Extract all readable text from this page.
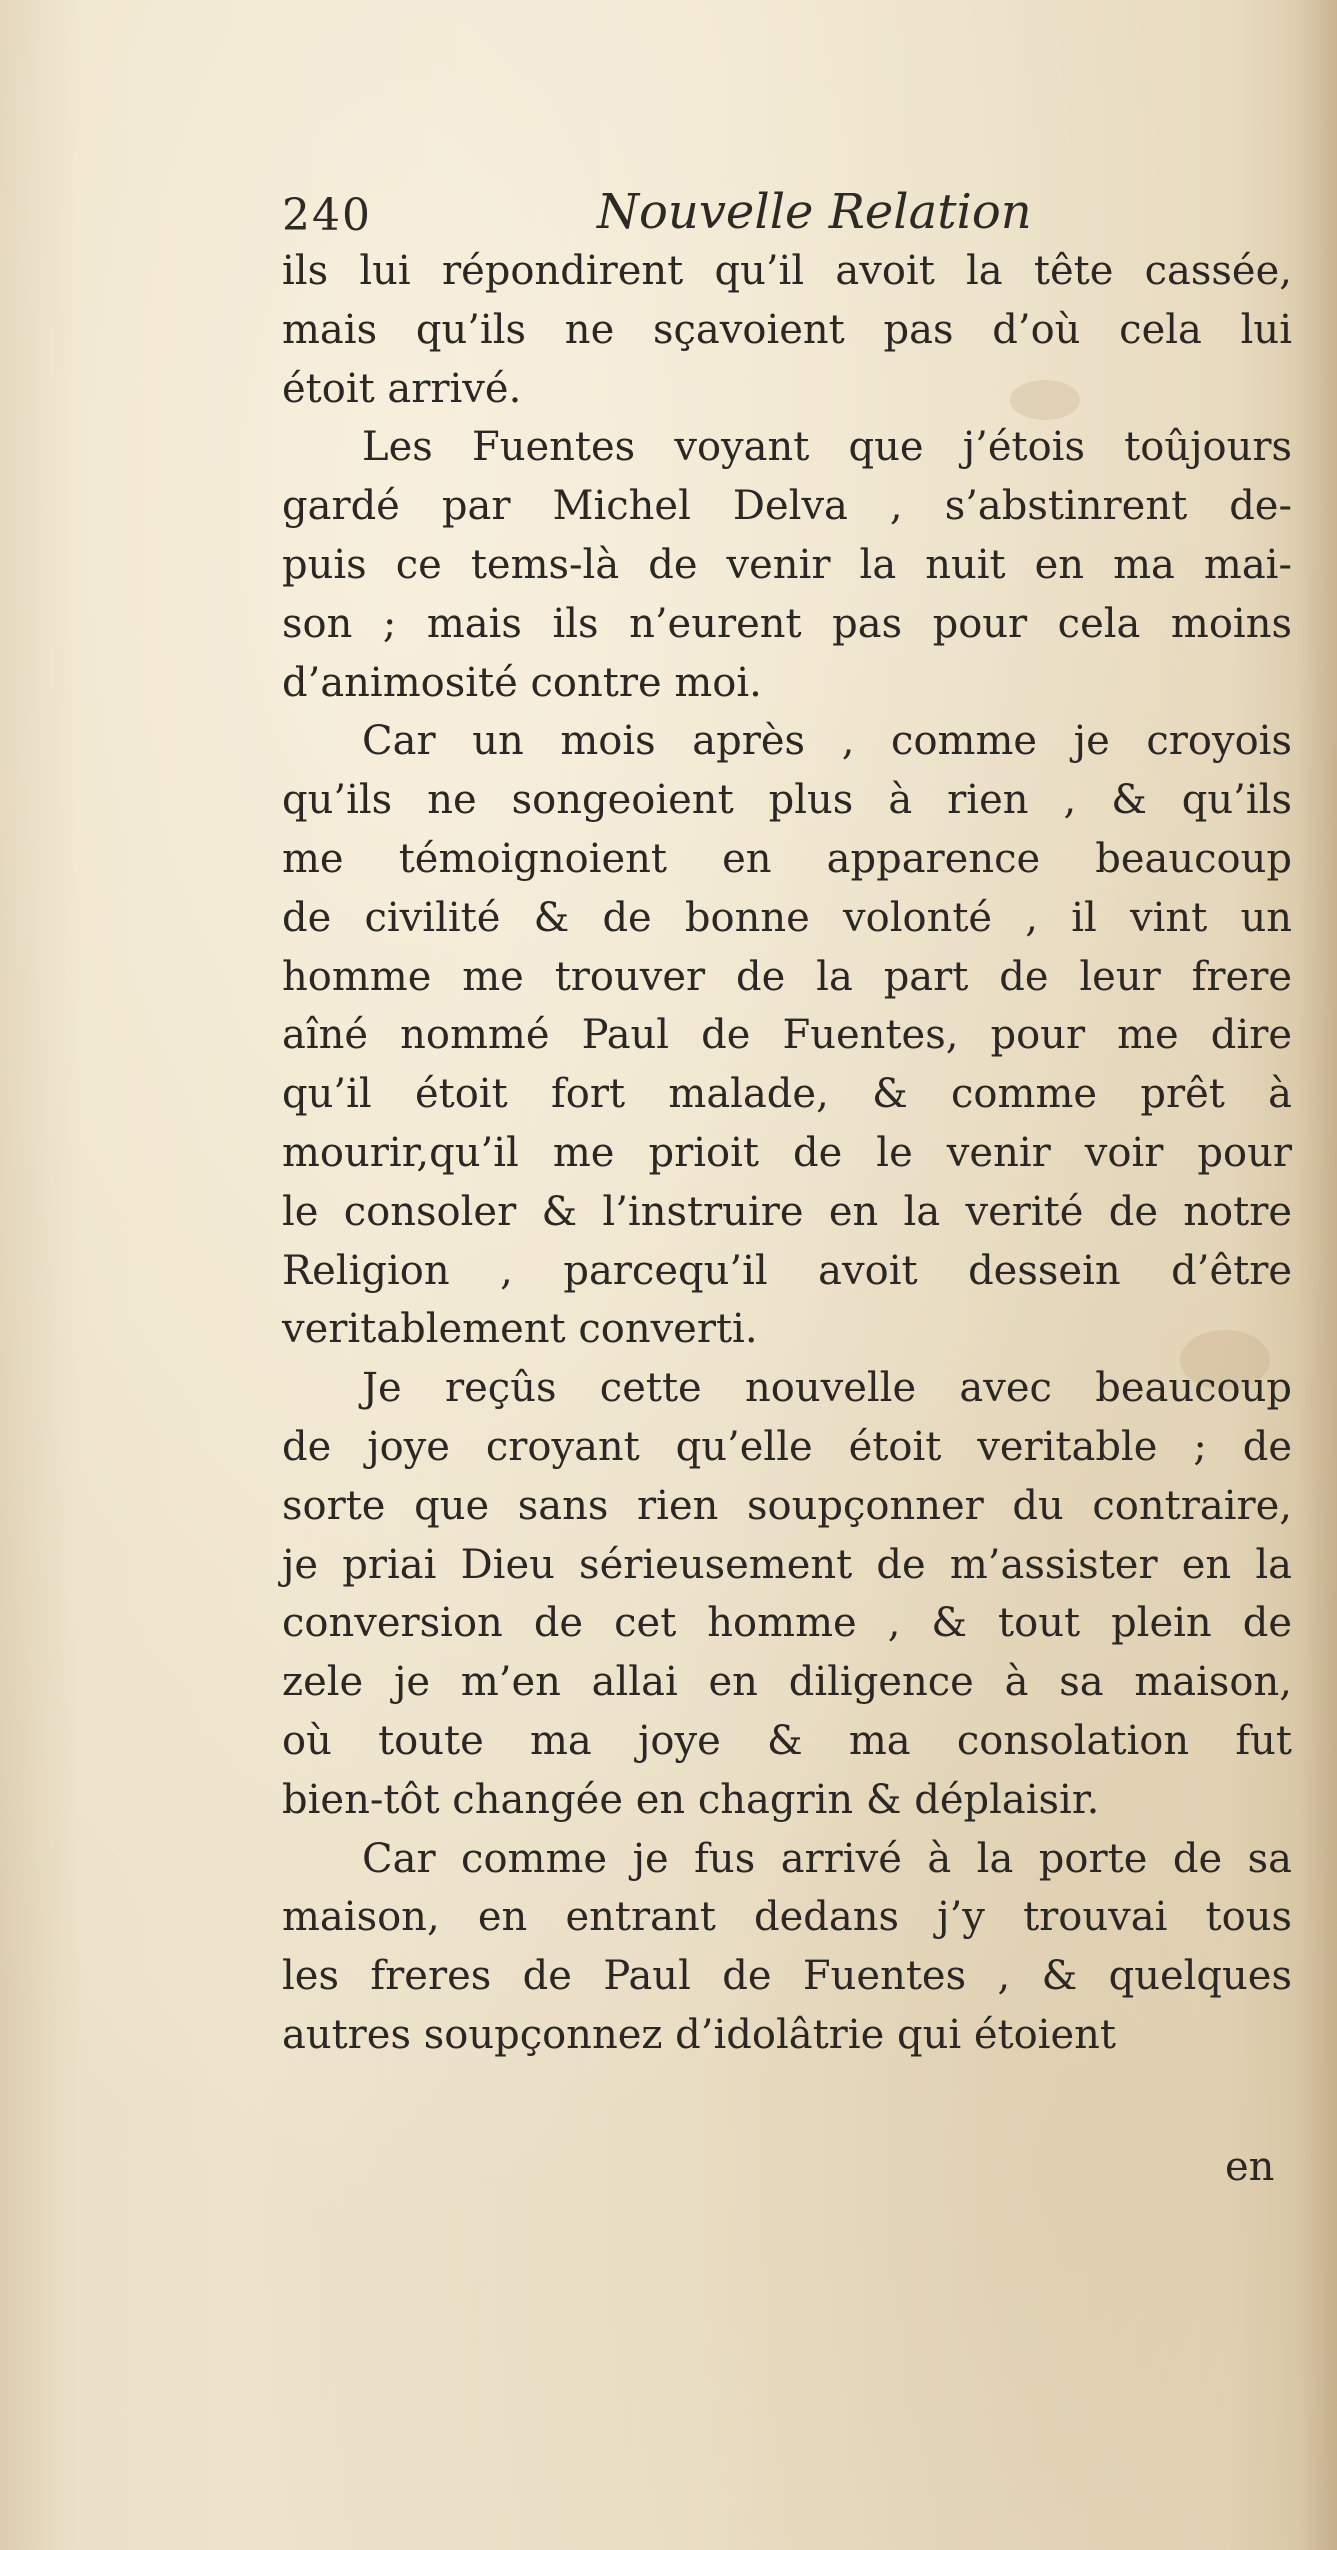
240	Nouvelle Relation
ils lui répondirent qu’il avoit la tête cassée,
mais qu’ils ne sçavoient pas d’où cela lui
étoit arrivé.
Les Fuentes voyant que j’étois toûjours
gardé par Michel Delva , s’abstinrent de-
puis ce tems-là de venir la nuit en ma mai-
son ; mais ils n’eurent pas pour cela moins
d’animosité contre moi.
Car un mois après , comme je croyois
qu’ils ne songeoient plus à rien , & qu’ils
me témoignoient en apparence beaucoup
de civilité & de bonne volonté , il vint un
homme me trouver de la part de leur frere
aîné nommé Paul de Fuentes, pour me dire
qu’il étoit fort malade, & comme prêt à
mourir,qu’il me prioit de le venir voir pour
le consoler & l’instruire en la verité de notre
Religion , parcequ’il avoit dessein d’être
veritablement converti.
Je reçûs cette nouvelle avec beaucoup
de joye croyant qu’elle étoit veritable ; de
sorte que sans rien soupçonner du contraire,
je priai Dieu sérieusement de m’assister en la
conversion de cet homme , & tout plein de
zele je m’en allai en diligence à sa maison,
où toute ma joye & ma consolation fut
bien-tôt changée en chagrin & déplaisir.
Car comme je fus arrivé à la porte de sa
maison, en entrant dedans j’y trouvai tous
les freres de Paul de Fuentes , & quelques
autres soupçonnez d’idolâtrie qui étoient
en
